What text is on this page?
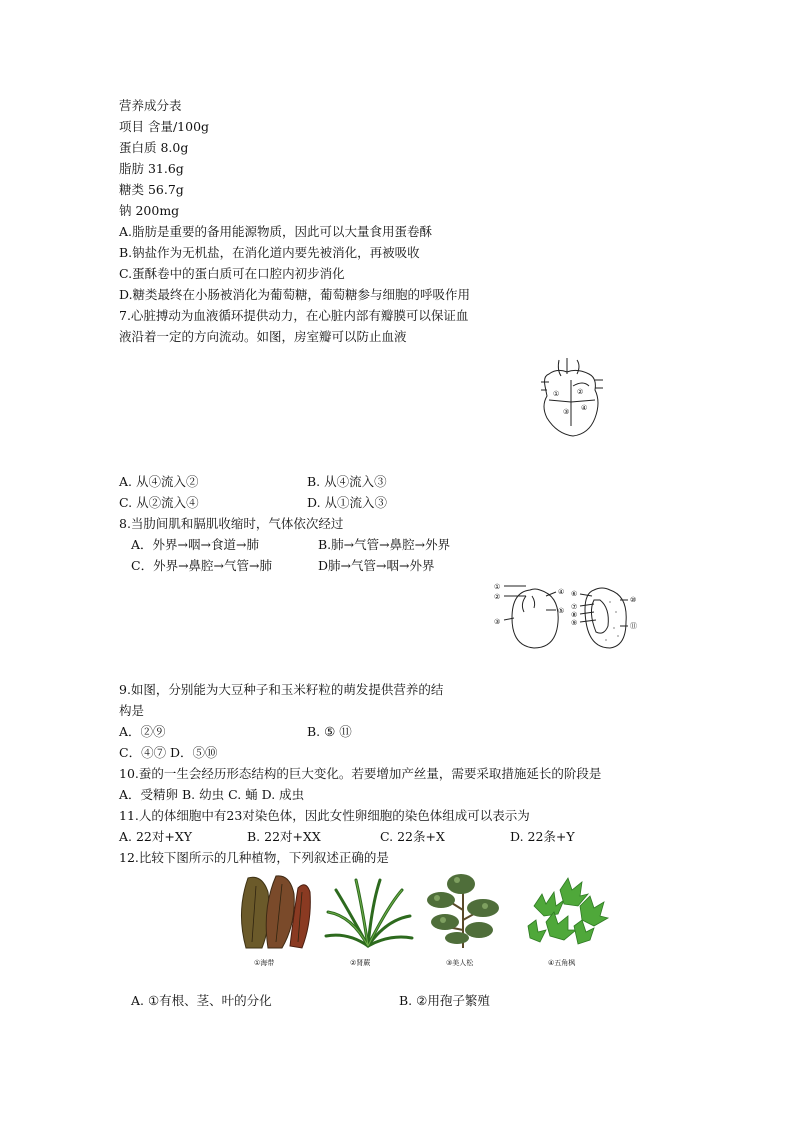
营养成分表
项目 含量/100g
蛋白质 8.0g
脂肪 31.6g
糖类 56.7g
钠 200mg
A.脂肪是重要的备用能源物质，因此可以大量食用蛋卷酥
B.钠盐作为无机盐，在消化道内要先被消化，再被吸收
C.蛋酥卷中的蛋白质可在口腔内初步消化
D.糖类最终在小肠被消化为葡萄糖，葡萄糖参与细胞的呼吸作用
7.心脏搏动为血液循环提供动力，在心脏内部有瓣膜可以保证血
液沿着一定的方向流动。如图，房室瓣可以防止血液
①	②
③ ④
A. 从④流入②	B. 从④流入③
C. 从②流入④	D. 从①流入③
8.当肋间肌和膈肌收缩时，气体依次经过
A．外界→咽→食道→肺	B.肺→气管→鼻腔→外界
C．外界→鼻腔→气管→肺	D肺→气管→咽→外界
①
②
③
④
⑤
⑥
⑦
⑧
⑨
⑩
⑪
9.如图，分别能为大豆种子和玉米籽粒的萌发提供营养的结
构是
A．②⑨	B. ⑤ ⑪
C．④⑦ D．⑤⑩
10.蚕的一生会经历形态结构的巨大变化。若要增加产丝量，需要采取措施延长的阶段是
A．受精卵 B. 幼虫 C. 蛹 D. 成虫
11.人的体细胞中有23对染色体，因此女性卵细胞的染色体组成可以表示为
A. 22对+XY	B. 22对+XX	C. 22条+X	D. 22条+Y
12.比较下图所示的几种植物，下列叙述正确的是
①海带	②肾蕨	③美人松	④五角枫
A. ①有根、茎、叶的分化	B. ②用孢子繁殖
